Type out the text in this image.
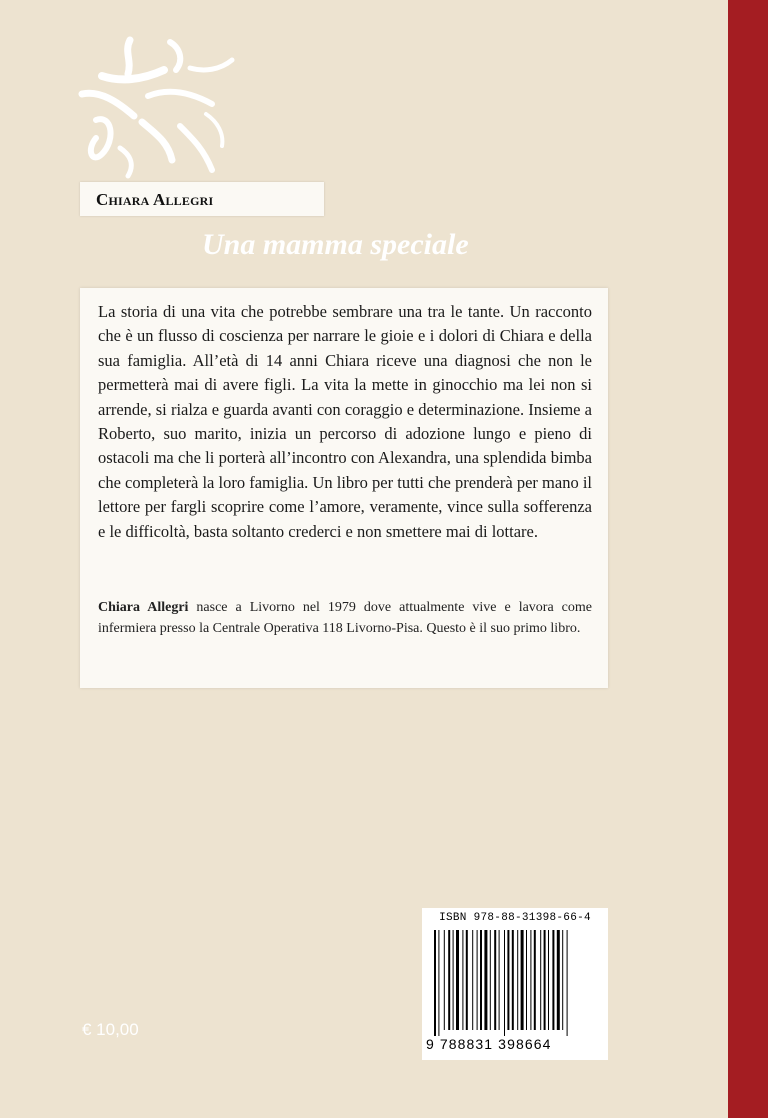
Chiara Allegri
Una mamma speciale

La storia di una vita che potrebbe sembrare una tra le tante. Un racconto che è un flusso di coscienza per narrare le gioie e i dolori di Chiara e della sua famiglia. All’età di 14 anni Chiara riceve una diagnosi che non le permetterà mai di avere figli. La vita la mette in ginocchio ma lei non si arrende, si rialza e guarda avanti con coraggio e determinazione. Insieme a Roberto, suo marito, inizia un percorso di adozione lungo e pieno di ostacoli ma che li porterà all’incontro con Alexandra, una splendida bimba che completerà la loro famiglia. Un libro per tutti che prenderà per mano il lettore per fargli scoprire come l’amore, veramente, vince sulla sofferenza e le difficoltà, basta soltanto crederci e non smettere mai di lottare.

Chiara Allegri nasce a Livorno nel 1979 dove attualmente vive e lavora come infermiera presso la Centrale Operativa 118 Livorno-Pisa. Questo è il suo primo libro.

ISBN 978-88-31398-66-4
9 788831 398664
€ 10,00
